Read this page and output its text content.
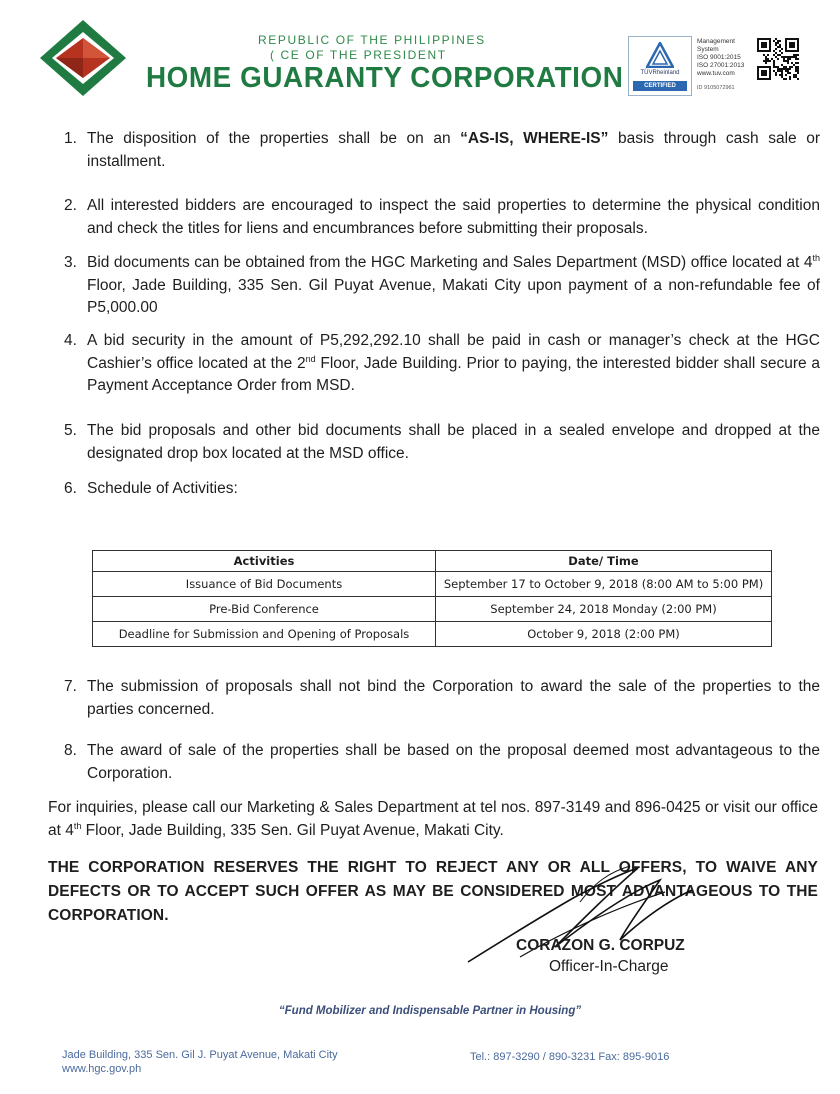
REPUBLIC OF THE PHILIPPINES
( CE OF THE PRESIDENT
HOME GUARANTY CORPORATION	TÜVRheinland
CERTIFIED
Management
System
ISO 9001:2015
ISO 27001:2013
www.tuv.com
ID 9105072961
1. The disposition of the properties shall be on an “AS-IS, WHERE-IS” basis through cash sale or installment.
2. All interested bidders are encouraged to inspect the said properties to determine the physical condition and check the titles for liens and encumbrances before submitting their proposals.
3. Bid documents can be obtained from the HGC Marketing and Sales Department (MSD) office located at 4th Floor, Jade Building, 335 Sen. Gil Puyat Avenue, Makati City upon payment of a non-refundable fee of P5,000.00
4. A bid security in the amount of P5,292,292.10 shall be paid in cash or manager’s check at the HGC Cashier’s office located at the 2nd Floor, Jade Building. Prior to paying, the interested bidder shall secure a Payment Acceptance Order from MSD.
5. The bid proposals and other bid documents shall be placed in a sealed envelope and dropped at the designated drop box located at the MSD office.
6. Schedule of Activities:
Activities	Date/ Time
Issuance of Bid Documents	September 17 to October 9, 2018 (8:00 AM to 5:00 PM)
Pre-Bid Conference	September 24, 2018 Monday (2:00 PM)
Deadline for Submission and Opening of Proposals	October 9, 2018 (2:00 PM)
7. The submission of proposals shall not bind the Corporation to award the sale of the properties to the parties concerned.
8. The award of sale of the properties shall be based on the proposal deemed most advantageous to the Corporation.
For inquiries, please call our Marketing & Sales Department at tel nos. 897-3149 and 896-0425 or visit our office at 4th Floor, Jade Building, 335 Sen. Gil Puyat Avenue, Makati City.
THE CORPORATION RESERVES THE RIGHT TO REJECT ANY OR ALL OFFERS, TO WAIVE ANY DEFECTS OR TO ACCEPT SUCH OFFER AS MAY BE CONSIDERED MOST ADVANTAGEOUS TO THE CORPORATION.
CORAZON G. CORPUZ
Officer-In-Charge
“Fund Mobilizer and Indispensable Partner in Housing”
Jade Building, 335 Sen. Gil J. Puyat Avenue, Makati City
www.hgc.gov.ph
Tel.: 897-3290 / 890-3231 Fax: 895-9016
